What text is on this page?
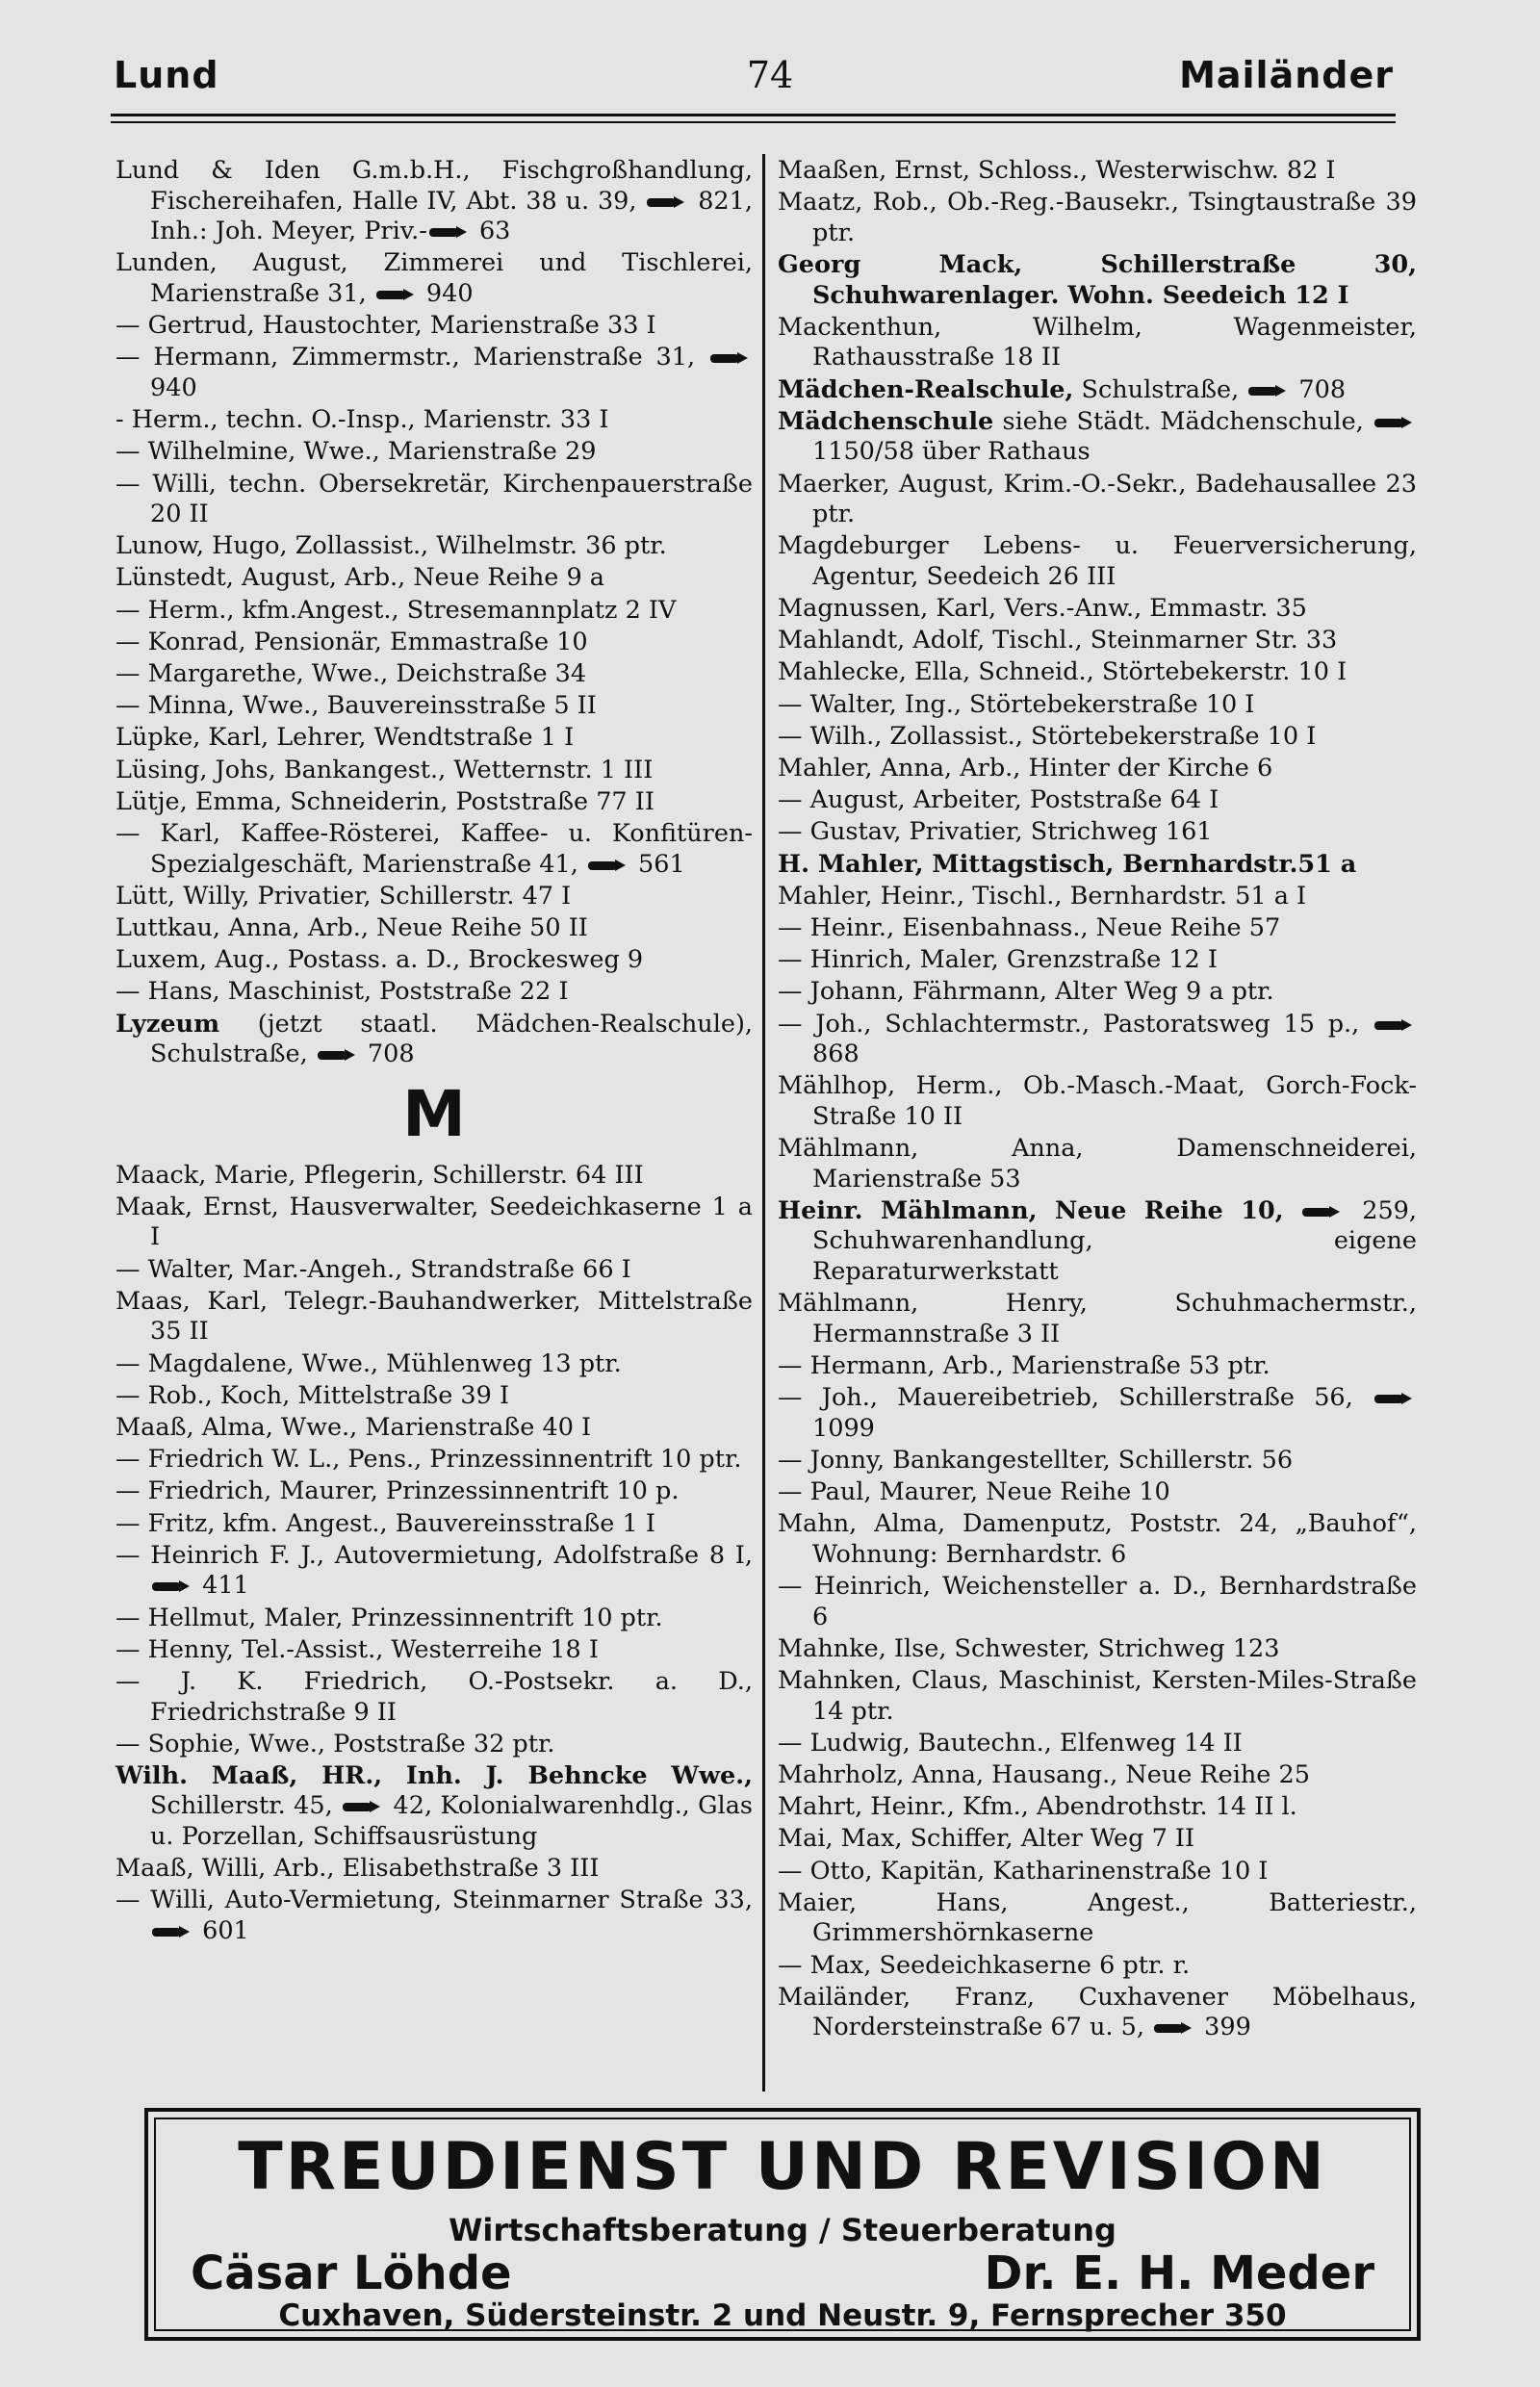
Lund	74	Mailänder

Lund & Iden G.m.b.H., Fischgroßhandlung, Fischereihafen, Halle IV, Abt. 38 u. 39,  821, Inh.: Joh. Meyer, Priv.- 63

Lunden, August, Zimmerei und Tischlerei, Marienstraße 31,  940

— Gertrud, Haustochter, Marienstraße 33 I

— Hermann, Zimmermstr., Marienstraße 31,  940

- Herm., techn. O.-Insp., Marienstr. 33 I

— Wilhelmine, Wwe., Marienstraße 29

— Willi, techn. Obersekretär, Kirchenpauerstraße 20 II

Lunow, Hugo, Zollassist., Wilhelmstr. 36 ptr.

Lünstedt, August, Arb., Neue Reihe 9 a

— Herm., kfm.Angest., Stresemannplatz 2 IV

— Konrad, Pensionär, Emmastraße 10

— Margarethe, Wwe., Deichstraße 34

— Minna, Wwe., Bauvereinsstraße 5 II

Lüpke, Karl, Lehrer, Wendtstraße 1 I

Lüsing, Johs, Bankangest., Wetternstr. 1 III

Lütje, Emma, Schneiderin, Poststraße 77 II

— Karl, Kaffee-Rösterei, Kaffee- u. Konfitüren-Spezialgeschäft, Marienstraße 41,  561

Lütt, Willy, Privatier, Schillerstr. 47 I

Luttkau, Anna, Arb., Neue Reihe 50 II

Luxem, Aug., Postass. a. D., Brockesweg 9

— Hans, Maschinist, Poststraße 22 I

Lyzeum (jetzt staatl. Mädchen-Realschule), Schulstraße,  708

M

Maack, Marie, Pflegerin, Schillerstr. 64 III

Maak, Ernst, Hausverwalter, Seedeichkaserne 1 a I

— Walter, Mar.-Angeh., Strandstraße 66 I

Maas, Karl, Telegr.-Bauhandwerker, Mittelstraße 35 II

— Magdalene, Wwe., Mühlenweg 13 ptr.

— Rob., Koch, Mittelstraße 39 I

Maaß, Alma, Wwe., Marienstraße 40 I

— Friedrich W. L., Pens., Prinzessinnentrift 10 ptr.

— Friedrich, Maurer, Prinzessinnentrift 10 p.

— Fritz, kfm. Angest., Bauvereinsstraße 1 I

— Heinrich F. J., Autovermietung, Adolfstraße 8 I,  411

— Hellmut, Maler, Prinzessinnentrift 10 ptr.

— Henny, Tel.-Assist., Westerreihe 18 I

— J. K. Friedrich, O.-Postsekr. a. D., Friedrichstraße 9 II

— Sophie, Wwe., Poststraße 32 ptr.

Wilh. Maaß, HR., Inh. J. Behncke Wwe., Schillerstr. 45,  42, Kolonialwarenhdlg., Glas u. Porzellan, Schiffsausrüstung

Maaß, Willi, Arb., Elisabethstraße 3 III

— Willi, Auto-Vermietung, Steinmarner Straße 33,  601

Maaßen, Ernst, Schloss., Westerwischw. 82 I

Maatz, Rob., Ob.-Reg.-Bausekr., Tsingtaustraße 39 ptr.

Georg Mack, Schillerstraße 30, Schuhwarenlager. Wohn. Seedeich 12 I

Mackenthun, Wilhelm, Wagenmeister, Rathausstraße 18 II

Mädchen-Realschule, Schulstraße,  708

Mädchenschule siehe Städt. Mädchenschule,  1150/58 über Rathaus

Maerker, August, Krim.-O.-Sekr., Badehausallee 23 ptr.

Magdeburger Lebens- u. Feuerversicherung, Agentur, Seedeich 26 III

Magnussen, Karl, Vers.-Anw., Emmastr. 35

Mahlandt, Adolf, Tischl., Steinmarner Str. 33

Mahlecke, Ella, Schneid., Störtebekerstr. 10 I

— Walter, Ing., Störtebekerstraße 10 I

— Wilh., Zollassist., Störtebekerstraße 10 I

Mahler, Anna, Arb., Hinter der Kirche 6

— August, Arbeiter, Poststraße 64 I

— Gustav, Privatier, Strichweg 161

H. Mahler, Mittagstisch, Bernhardstr.51 a

Mahler, Heinr., Tischl., Bernhardstr. 51 a I

— Heinr., Eisenbahnass., Neue Reihe 57

— Hinrich, Maler, Grenzstraße 12 I

— Johann, Fährmann, Alter Weg 9 a ptr.

— Joh., Schlachtermstr., Pastoratsweg 15 p.,  868

Mählhop, Herm., Ob.-Masch.-Maat, Gorch-Fock-Straße 10 II

Mählmann, Anna, Damenschneiderei, Marienstraße 53

Heinr. Mählmann, Neue Reihe 10,	259, Schuhwarenhandlung, eigene Reparaturwerkstatt

Mählmann, Henry, Schuhmachermstr., Hermannstraße 3 II

— Hermann, Arb., Marienstraße 53 ptr.

— Joh., Mauereibetrieb, Schillerstraße 56,  1099

— Jonny, Bankangestellter, Schillerstr. 56

— Paul, Maurer, Neue Reihe 10

Mahn, Alma, Damenputz, Poststr. 24, „Bauhof“, Wohnung: Bernhardstr. 6

— Heinrich, Weichensteller a. D., Bernhardstraße 6

Mahnke, Ilse, Schwester, Strichweg 123

Mahnken, Claus, Maschinist, Kersten-Miles-Straße 14 ptr.

— Ludwig, Bautechn., Elfenweg 14 II

Mahrholz, Anna, Hausang., Neue Reihe 25

Mahrt, Heinr., Kfm., Abendrothstr. 14 II l.

Mai, Max, Schiffer, Alter Weg 7 II

— Otto, Kapitän, Katharinenstraße 10 I

Maier, Hans, Angest., Batteriestr., Grimmershörnkaserne

— Max, Seedeichkaserne 6 ptr. r.

Mailänder, Franz, Cuxhavener Möbelhaus, Nordersteinstraße 67 u. 5,  399

TREUDIENST UND REVISION
Wirtschaftsberatung / Steuerberatung
Cäsar Löhde	Dr. E. H. Meder
Cuxhaven, Südersteinstr. 2 und Neustr. 9, Fernsprecher 350
